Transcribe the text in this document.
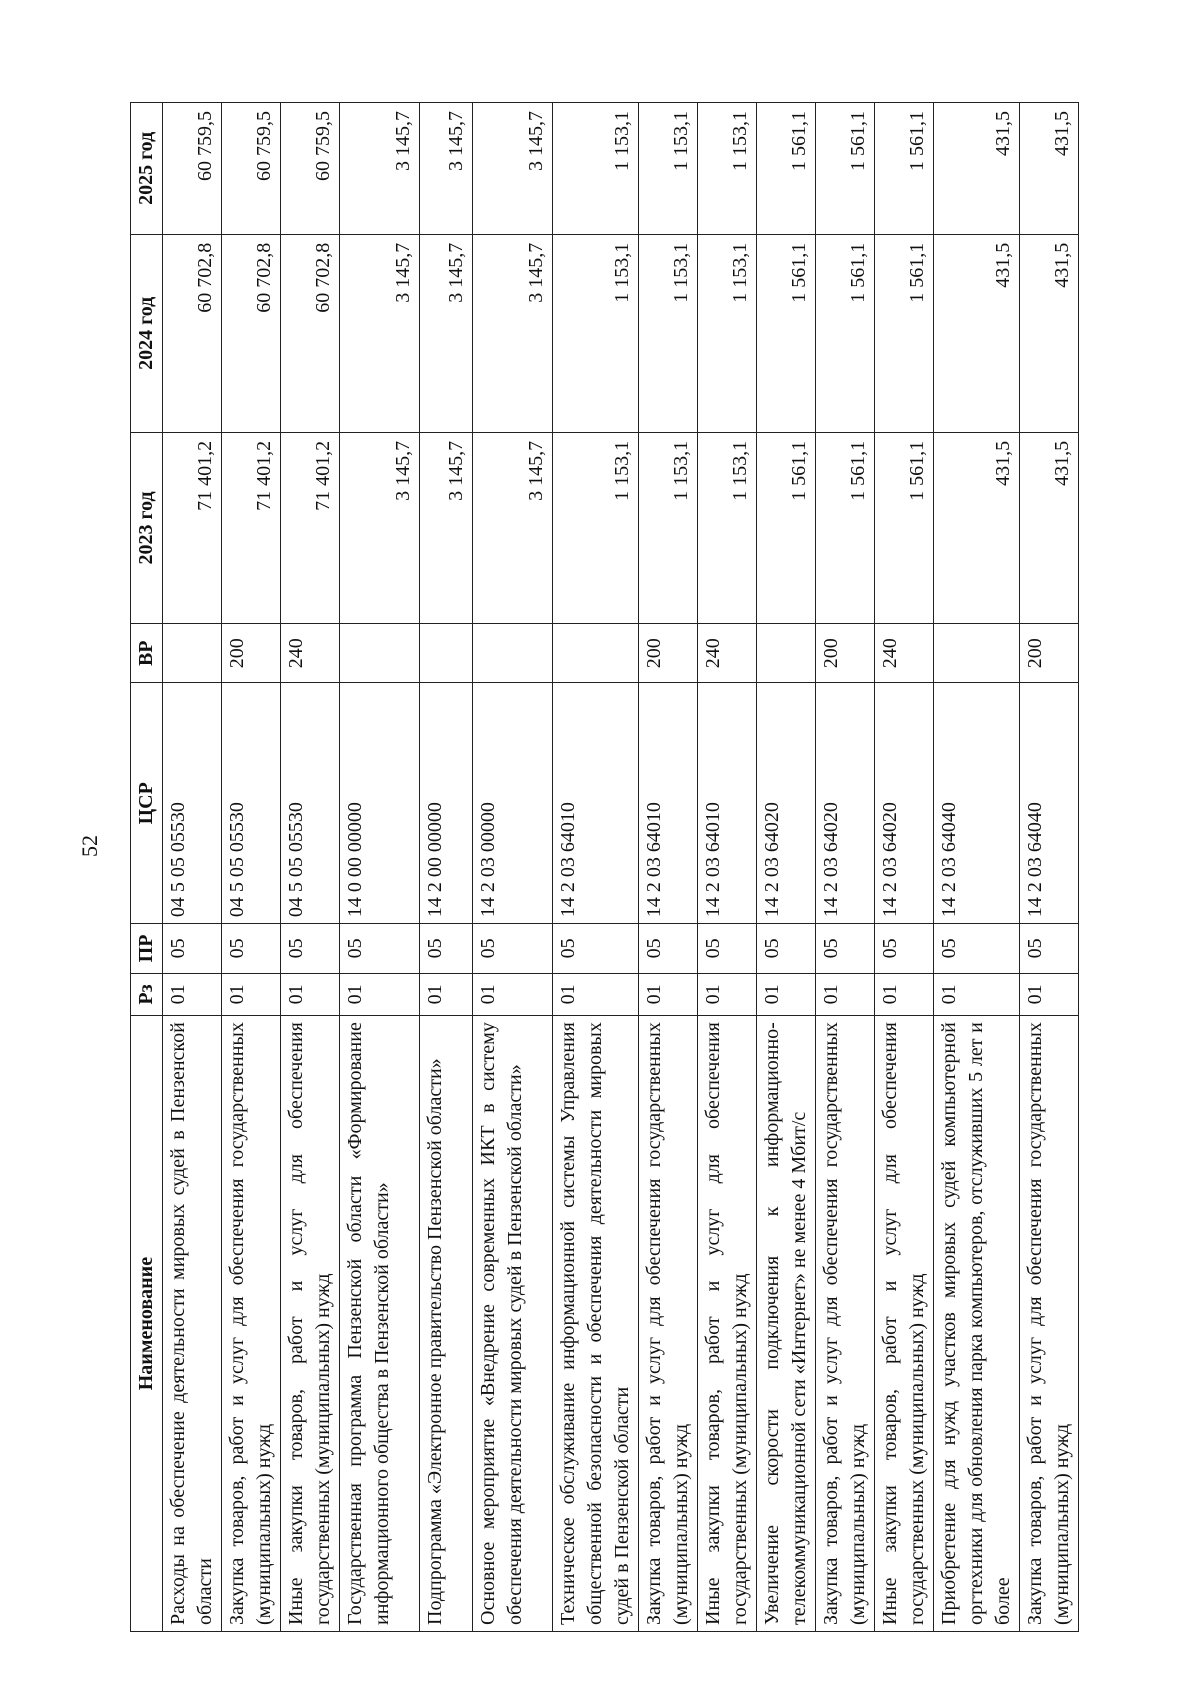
52
Наименование	Рз	ПР	ЦСР	ВР	2023 год	2024 год	2025 год
Расходы на обеспечение деятельности мировых судей в Пензенской области	01	05	04 5 05 05530		71 401,2	60 702,8	60 759,5
Закупка товаров, работ и услуг для обеспечения государственных (муниципальных) нужд	01	05	04 5 05 05530	200	71 401,2	60 702,8	60 759,5
Иные закупки товаров, работ и услуг для обеспечения государственных (муниципальных) нужд	01	05	04 5 05 05530	240	71 401,2	60 702,8	60 759,5
Государственная программа Пензенской области «Формирование информационного общества в Пензенской области»	01	05	14 0 00 00000		3 145,7	3 145,7	3 145,7
Подпрограмма «Электронное правительство Пензенской области»	01	05	14 2 00 00000		3 145,7	3 145,7	3 145,7
Основное мероприятие «Внедрение современных ИКТ в систему обеспечения деятельности мировых судей в Пензенской области»	01	05	14 2 03 00000		3 145,7	3 145,7	3 145,7
Техническое обслуживание информационной системы Управления общественной безопасности и обеспечения деятельности мировых судей в Пензенской области	01	05	14 2 03 64010		1 153,1	1 153,1	1 153,1
Закупка товаров, работ и услуг для обеспечения государственных (муниципальных) нужд	01	05	14 2 03 64010	200	1 153,1	1 153,1	1 153,1
Иные закупки товаров, работ и услуг для обеспечения государственных (муниципальных) нужд	01	05	14 2 03 64010	240	1 153,1	1 153,1	1 153,1
Увеличение скорости подключения к информационно-телекоммуникационной сети «Интернет» не менее 4 Мбит/с	01	05	14 2 03 64020		1 561,1	1 561,1	1 561,1
Закупка товаров, работ и услуг для обеспечения государственных (муниципальных) нужд	01	05	14 2 03 64020	200	1 561,1	1 561,1	1 561,1
Иные закупки товаров, работ и услуг для обеспечения государственных (муниципальных) нужд	01	05	14 2 03 64020	240	1 561,1	1 561,1	1 561,1
Приобретение для нужд участков мировых судей компьютерной оргтехники для обновления парка компьютеров, отслуживших 5 лет и более	01	05	14 2 03 64040		431,5	431,5	431,5
Закупка товаров, работ и услуг для обеспечения государственных (муниципальных) нужд	01	05	14 2 03 64040	200	431,5	431,5	431,5
